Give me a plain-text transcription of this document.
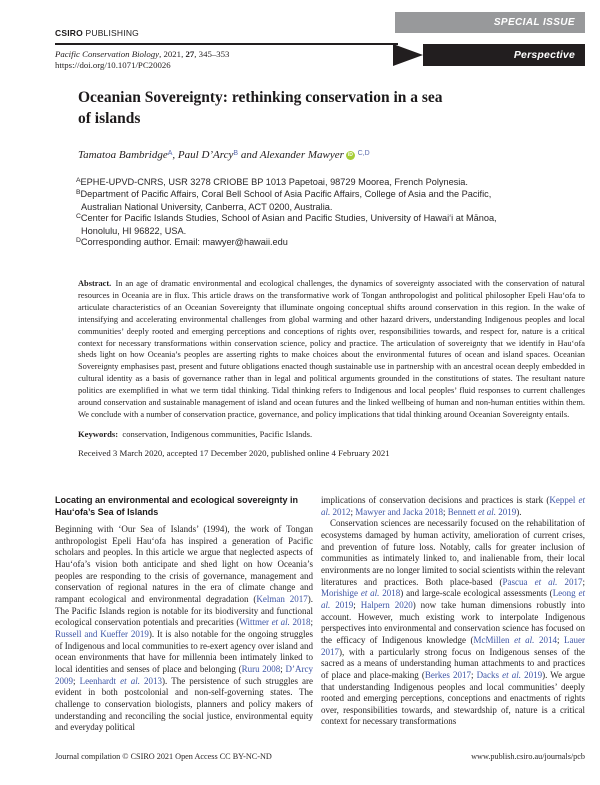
CSIRO PUBLISHING
Pacific Conservation Biology, 2021, 27, 345–353
https://doi.org/10.1071/PC20026
SPECIAL ISSUE
Perspective
Oceanian Sovereignty: rethinking conservation in a sea of islands
Tamatoa Bambridge$^A$, Paul D’Arcy$^B$ and Alexander Mawyer iD $^{C,D}$
$^A$EPHE-UPVD-CNRS, USR 3278 CRIOBE BP 1013 Papetoai, 98729 Moorea, French Polynesia.
$^B$Department of Pacific Affairs, Coral Bell School of Asia Pacific Affairs, College of Asia and the Pacific, Australian National University, Canberra, ACT 0200, Australia.
$^C$Center for Pacific Islands Studies, School of Asian and Pacific Studies, University of Hawaiʻi at Mānoa, Honolulu, HI 96822, USA.
$^D$Corresponding author. Email: mawyer@hawaii.edu

Abstract. In an age of dramatic environmental and ecological challenges, the dynamics of sovereignty associated with the conservation of natural resources in Oceania are in flux. This article draws on the transformative work of Tongan anthropologist and political philosopher Epeli Hauʻofa to articulate characteristics of an Oceanian Sovereignty that illuminate ongoing conceptual shifts around conservation in this region. In the wake of intensifying and accelerating environmental challenges from global warming and other hazard drivers, understanding Indigenous peoples and local communities’ deeply rooted and emerging perceptions and conceptions of rights over, responsibilities towards, and respect for, nature is a critical context for necessary transformations within conservation science, policy and practice. The articulation of sovereignty that we identify in Hauʻofa sheds light on how Oceania’s peoples are asserting rights to make choices about the environmental futures of ocean and island spaces. Oceanian Sovereignty emphasises past, present and future obligations enacted though sustainable use in partnership with an ancestral ocean deeply embedded in cultural identity as a basis of governance rather than in legal and political arguments grounded in the constitutions of states. The resultant nature politics are exemplified in what we term tidal thinking. Tidal thinking refers to Indigenous and local peoples’ fluid responses to current challenges around conservation and sustainable management of island and ocean futures and the linked wellbeing of human and non-human entities within them. We conclude with a number of conservation practice, governance, and policy implications that tidal thinking around Oceanian Sovereignty entails.

Keywords: conservation, Indigenous communities, Pacific Islands.

Received 3 March 2020, accepted 17 December 2020, published online 4 February 2021

Locating an environmental and ecological sovereignty in Hauʻofa’s Sea of Islands

Beginning with ‘Our Sea of Islands’ (1994), the work of Tongan anthropologist Epeli Hauʻofa has inspired a generation of Pacific scholars and peoples. In this article we argue that neglected aspects of Hauʻofa’s vision both anticipate and shed light on how Oceania’s peoples are responding to the crisis of governance, management and conservation of regional natures in the era of climate change and rampant ecological and environmental degradation (Kelman 2017). The Pacific Islands region is notable for its biodiversity and functional ecological conservation potentials and precarities (Wittmer et al. 2018; Russell and Kueffer 2019). It is also notable for the ongoing struggles of Indigenous and local communities to re-exert agency over island and ocean environments that have for millennia been intimately linked to local identities and senses of place and belonging (Ruru 2008; D’Arcy 2009; Leenhardt et al. 2013). The persistence of such struggles are evident in both postcolonial and non-self-governing states. The challenge to conservation biologists, planners and policy makers of understanding and reconciling the social justice, environmental equity and everyday political

implications of conservation decisions and practices is stark (Keppel et al. 2012; Mawyer and Jacka 2018; Bennett et al. 2019).

Conservation sciences are necessarily focused on the rehabilitation of ecosystems damaged by human activity, amelioration of current crises, and prevention of future loss. Notably, calls for greater inclusion of communities as intimately linked to, and inalienable from, their local environments are no longer limited to social scientists within the relevant literatures and practices. Both place-based (Pascua et al. 2017; Morishige et al. 2018) and large-scale ecological assessments (Leong et al. 2019; Halpern 2020) now take human dimensions robustly into account. However, much existing work to interpolate Indigenous perspectives into environmental and conservation science has focused on the efficacy of Indigenous knowledge (McMillen et al. 2014; Lauer 2017), with a particularly strong focus on Indigenous senses of the sacred as a means of understanding human attachments to and practices of place and place-making (Berkes 2017; Dacks et al. 2019). We argue that understanding Indigenous peoples and local communities’ deeply rooted and emerging perceptions, conceptions and enactments of rights over, responsibilities towards, and stewardship of, nature is a critical context for necessary transformations

Journal compilation © CSIRO 2021 Open Access CC BY-NC-ND	www.publish.csiro.au/journals/pcb
